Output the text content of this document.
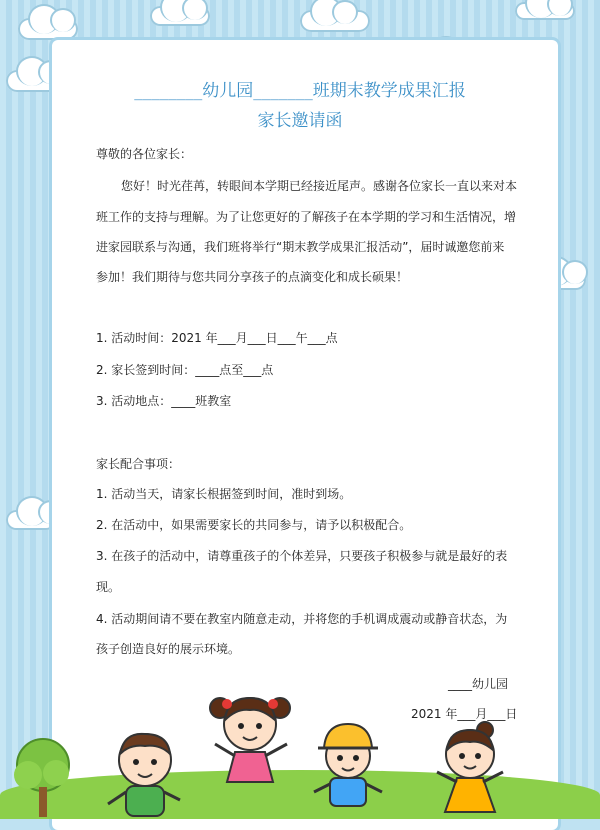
________幼儿园_______班期末教学成果汇报
家长邀请函
尊敬的各位家长：
您好！时光荏苒，转眼间本学期已经接近尾声。感谢各位家长一直以来对本
班工作的支持与理解。为了让您更好的了解孩子在本学期的学习和生活情况，增
进家园联系与沟通，我们班将举行“期末教学成果汇报活动”，届时诚邀您前来
参加！我们期待与您共同分享孩子的点滴变化和成长硕果！
1. 活动时间：2021 年___月___日___午___点
2. 家长签到时间：____点至___点
3. 活动地点：____班教室
家长配合事项：
1. 活动当天，请家长根据签到时间，准时到场。
2. 在活动中，如果需要家长的共同参与，请予以积极配合。
3. 在孩子的活动中，请尊重孩子的个体差异，只要孩子积极参与就是最好的表
现。
4. 活动期间请不要在教室内随意走动，并将您的手机调成震动或静音状态，为
孩子创造良好的展示环境。
____幼儿园
2021 年___月___日
